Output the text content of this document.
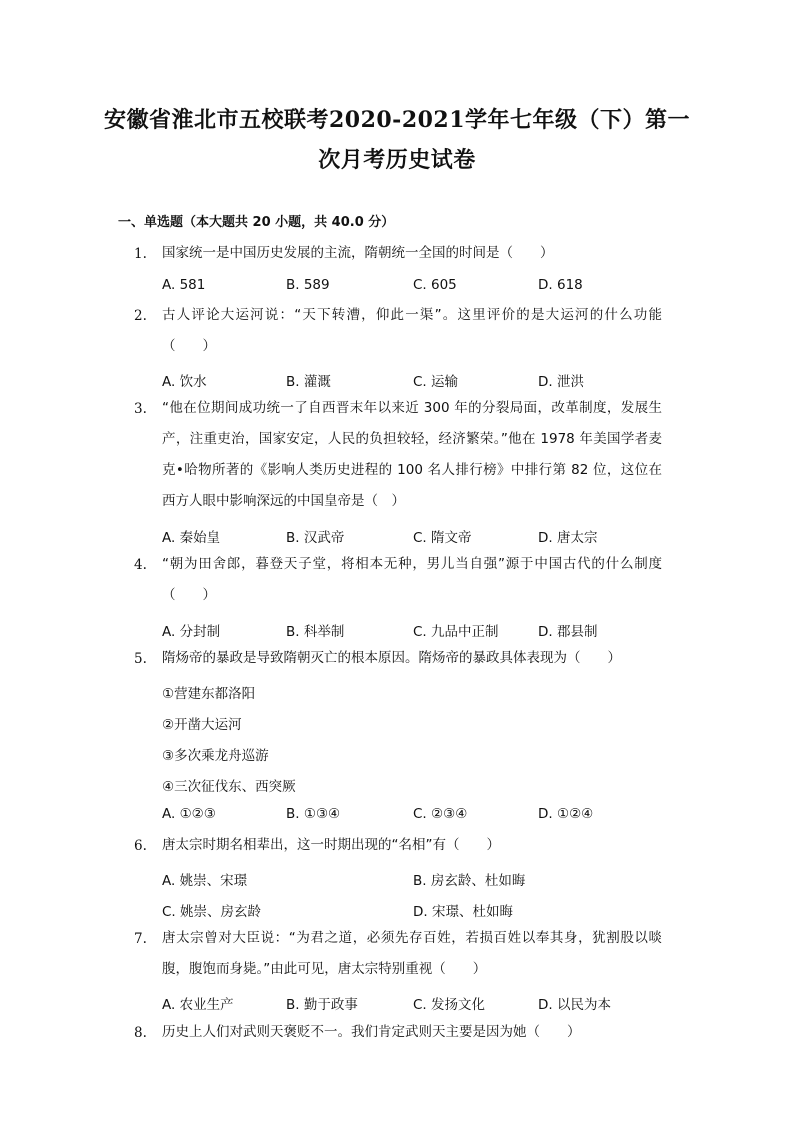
安徽省淮北市五校联考2020-2021学年七年级（下）第一
次月考历史试卷
一、单选题（本大题共 20 小题，共 40.0 分）
1. 国家统一是中国历史发展的主流，隋朝统一全国的时间是（　　）
A. 581	B. 589	C. 605	D. 618
2. 古人评论大运河说：“天下转漕，仰此一渠”。这里评价的是大运河的什么功能（　　）
A. 饮水	B. 灌溉	C. 运输	D. 泄洪
3. “他在位期间成功统一了自西晋末年以来近 300 年的分裂局面，改革制度，发展生产，注重吏治，国家安定，人民的负担较轻，经济繁荣。”他在 1978 年美国学者麦克•哈物所著的《影响人类历史进程的 100 名人排行榜》中排行第 82 位，这位在西方人眼中影响深远的中国皇帝是（　）
A. 秦始皇	B. 汉武帝	C. 隋文帝	D. 唐太宗
4. “朝为田舍郎，暮登天子堂，将相本无种，男儿当自强”源于中国古代的什么制度（　　）
A. 分封制	B. 科举制	C. 九品中正制	D. 郡县制
5. 隋炀帝的暴政是导致隋朝灭亡的根本原因。隋炀帝的暴政具体表现为（　　）
①营建东都洛阳
②开凿大运河
③多次乘龙舟巡游
④三次征伐东、西突厥
A. ①②③	B. ①③④	C. ②③④	D. ①②④
6. 唐太宗时期名相辈出，这一时期出现的“名相”有（　　）
A. 姚崇、宋璟	B. 房玄龄、杜如晦
C. 姚崇、房玄龄	D. 宋璟、杜如晦
7. 唐太宗曾对大臣说：“为君之道，必须先存百姓，若损百姓以奉其身，犹割股以啖腹，腹饱而身毙。”由此可见，唐太宗特别重视（　　）
A. 农业生产	B. 勤于政事	C. 发扬文化	D. 以民为本
8. 历史上人们对武则天褒贬不一。我们肯定武则天主要是因为她（　　）
